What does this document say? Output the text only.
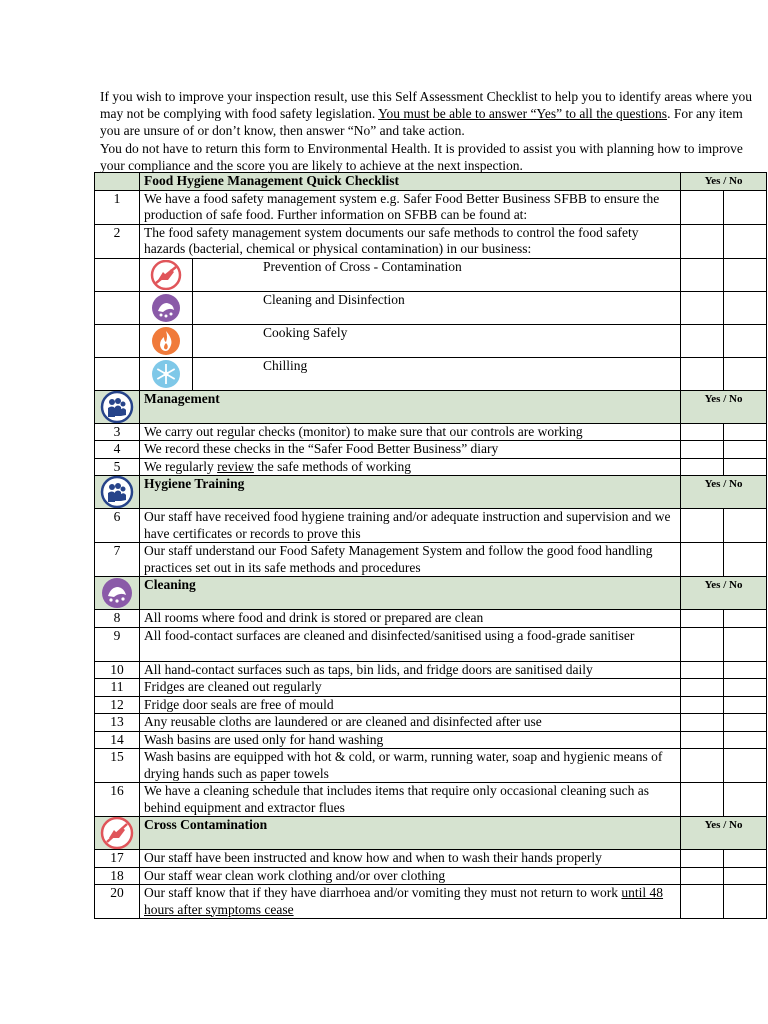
If you wish to improve your inspection result, use this Self Assessment Checklist to help you to identify areas where you may not be complying with food safety legislation. You must be able to answer “Yes” to all the questions. For any item you are unsure of or don’t know, then answer “No” and take action.
You do not have to return this form to Environmental Health. It is provided to assist you with planning how to improve your compliance and the score you are likely to achieve at the next inspection.
	Food Hygiene Management Quick Checklist		Yes / No	
1	We have a food safety management system e.g. Safer Food Better Business SFBB to ensure the production of safe food. Further information on SFBB can be found at:			
2	The food safety management system documents our safe methods to control the food safety hazards (bacterial, chemical or physical contamination) in our business:			

	Prevention of Cross - Contamination		

	Cleaning and Disinfection		

	Cooking Safely		

	Chilling		

	Management		Yes / No	
3	We carry out regular checks (monitor) to make sure that our controls are working			
4	We record these checks in the “Safer Food Better Business” diary			
5	We regularly review the safe methods of working			

	Hygiene Training		Yes / No	
6	Our staff have received food hygiene training and/or adequate instruction and supervision and we have certificates or records to prove this			
7	Our staff understand our Food Safety Management System and follow the good food handling practices set out in its safe methods and procedures			

	Cleaning		Yes / No	
8	All rooms where food and drink is stored or prepared are clean			
9	All food-contact surfaces are cleaned and disinfected/sanitised using a food-grade sanitiser			
10	All hand-contact surfaces such as taps, bin lids, and fridge doors are sanitised daily			
11	Fridges are cleaned out regularly			
12	Fridge door seals are free of mould			
13	Any reusable cloths are laundered or are cleaned and disinfected after use			
14	Wash basins are used only for hand washing			
15	Wash basins are equipped with hot & cold, or warm, running water, soap and hygienic means of drying hands such as paper towels			
16	We have a cleaning schedule that includes items that require only occasional cleaning such as behind equipment and extractor flues			

	Cross Contamination		Yes / No	
17	Our staff have been instructed and know how and when to wash their hands properly			
18	Our staff wear clean work clothing and/or over clothing			
20	Our staff know that if they have diarrhoea and/or vomiting they must not return to work until 48 hours after symptoms cease			
